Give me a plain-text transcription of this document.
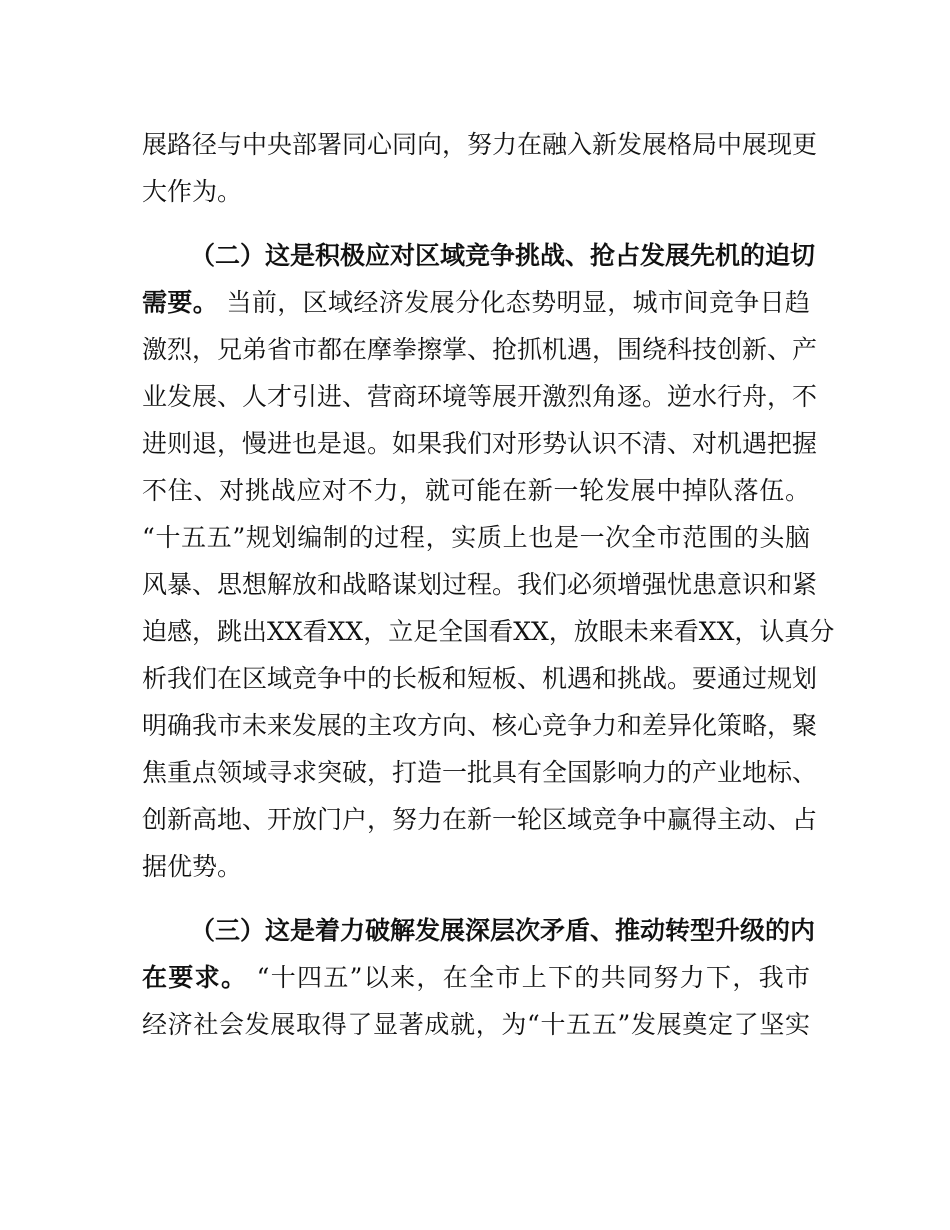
展路径与中央部署同心同向，努力在融入新发展格局中展现更
大作为。
（二）这是积极应对区域竞争挑战、抢占发展先机的迫切
需要。 当前，区域经济发展分化态势明显，城市间竞争日趋
激烈，兄弟省市都在摩拳擦掌、抢抓机遇，围绕科技创新、产
业发展、人才引进、营商环境等展开激烈角逐。逆水行舟，不
进则退，慢进也是退。如果我们对形势认识不清、对机遇把握
不住、对挑战应对不力，就可能在新一轮发展中掉队落伍。
“十五五”规划编制的过程，实质上也是一次全市范围的头脑
风暴、思想解放和战略谋划过程。我们必须增强忧患意识和紧
迫感，跳出XX看XX，立足全国看XX，放眼未来看XX，认真分
析我们在区域竞争中的长板和短板、机遇和挑战。要通过规划
明确我市未来发展的主攻方向、核心竞争力和差异化策略，聚
焦重点领域寻求突破，打造一批具有全国影响力的产业地标、
创新高地、开放门户，努力在新一轮区域竞争中赢得主动、占
据优势。
（三）这是着力破解发展深层次矛盾、推动转型升级的内
在要求。 “十四五”以来，在全市上下的共同努力下，我市
经济社会发展取得了显著成就，为“十五五”发展奠定了坚实
